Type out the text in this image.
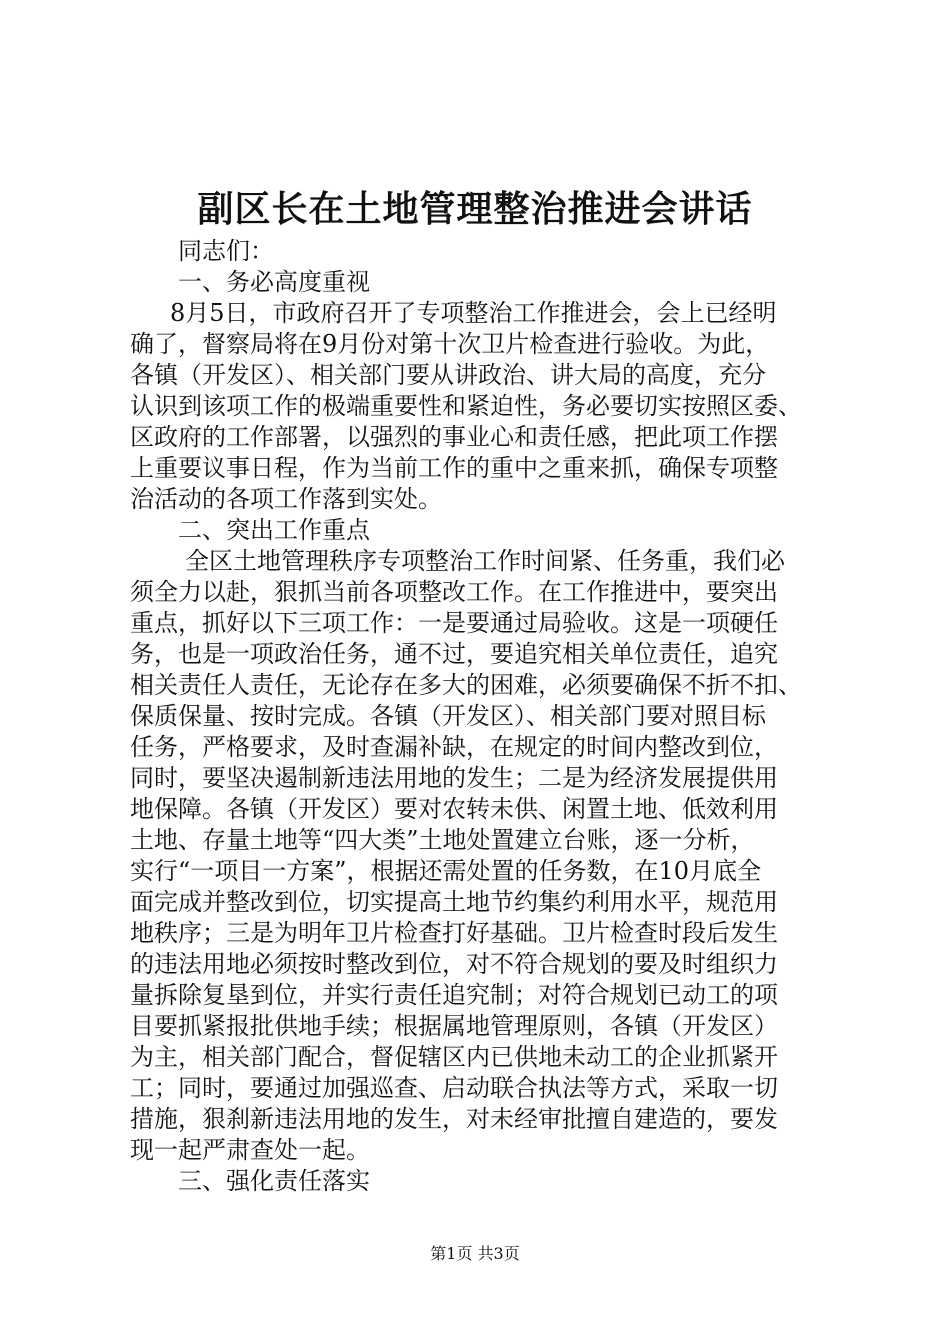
副区长在土地管理整治推进会讲话
同志们：
一、务必高度重视
8月5日，市政府召开了专项整治工作推进会，会上已经明
确了，督察局将在9月份对第十次卫片检查进行验收。为此，
各镇（开发区）、相关部门要从讲政治、讲大局的高度，充分
认识到该项工作的极端重要性和紧迫性，务必要切实按照区委、
区政府的工作部署，以强烈的事业心和责任感，把此项工作摆
上重要议事日程，作为当前工作的重中之重来抓，确保专项整
治活动的各项工作落到实处。
二、突出工作重点
全区土地管理秩序专项整治工作时间紧、任务重，我们必
须全力以赴，狠抓当前各项整改工作。在工作推进中，要突出
重点，抓好以下三项工作：一是要通过局验收。这是一项硬任
务，也是一项政治任务，通不过，要追究相关单位责任，追究
相关责任人责任，无论存在多大的困难，必须要确保不折不扣、
保质保量、按时完成。各镇（开发区）、相关部门要对照目标
任务，严格要求，及时查漏补缺，在规定的时间内整改到位，
同时，要坚决遏制新违法用地的发生；二是为经济发展提供用
地保障。各镇（开发区）要对农转未供、闲置土地、低效利用
土地、存量土地等“四大类”土地处置建立台账，逐一分析，
实行“一项目一方案”，根据还需处置的任务数，在10月底全
面完成并整改到位，切实提高土地节约集约利用水平，规范用
地秩序；三是为明年卫片检查打好基础。卫片检查时段后发生
的违法用地必须按时整改到位，对不符合规划的要及时组织力
量拆除复垦到位，并实行责任追究制；对符合规划已动工的项
目要抓紧报批供地手续；根据属地管理原则，各镇（开发区）
为主，相关部门配合，督促辖区内已供地未动工的企业抓紧开
工；同时，要通过加强巡查、启动联合执法等方式，采取一切
措施，狠刹新违法用地的发生，对未经审批擅自建造的，要发
现一起严肃查处一起。
三、强化责任落实
第1页 共3页
